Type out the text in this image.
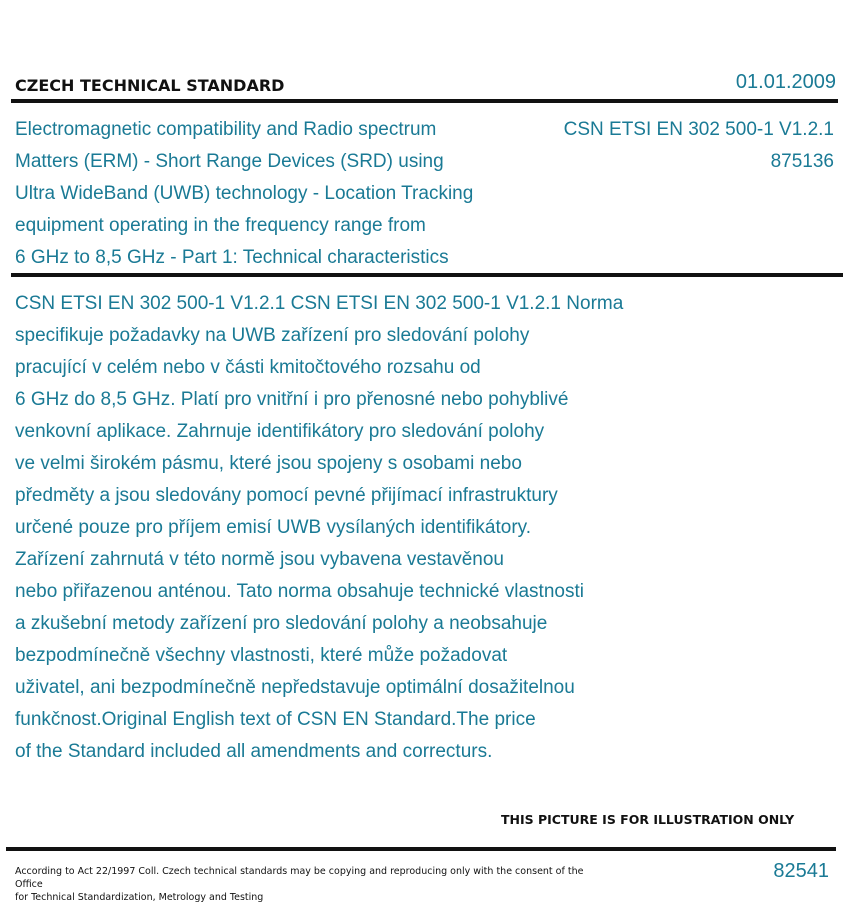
CZECH TECHNICAL STANDARD	01.01.2009
Electromagnetic compatibility and Radio spectrum
Matters (ERM) - Short Range Devices (SRD) using
Ultra WideBand (UWB) technology - Location Tracking
equipment operating in the frequency range from
6 GHz to 8,5 GHz - Part 1: Technical characteristics
CSN ETSI EN 302 500-1 V1.2.1
875136
CSN ETSI EN 302 500-1 V1.2.1 CSN ETSI EN 302 500-1 V1.2.1 Norma
specifikuje požadavky na UWB zařízení pro sledování polohy
pracující v celém nebo v části kmitočtového rozsahu od
6 GHz do 8,5 GHz. Platí pro vnitřní i pro přenosné nebo pohyblivé
venkovní aplikace. Zahrnuje identifikátory pro sledování polohy
ve velmi širokém pásmu, které jsou spojeny s osobami nebo
předměty a jsou sledovány pomocí pevné přijímací infrastruktury
určené pouze pro příjem emisí UWB vysílaných identifikátory.
Zařízení zahrnutá v této normě jsou vybavena vestavěnou
nebo přiřazenou anténou. Tato norma obsahuje technické vlastnosti
a zkušební metody zařízení pro sledování polohy a neobsahuje
bezpodmínečně všechny vlastnosti, které může požadovat
uživatel, ani bezpodmínečně nepředstavuje optimální dosažitelnou
funkčnost.Original English text of CSN EN Standard.The price
of the Standard included all amendments and correcturs.
THIS PICTURE IS FOR ILLUSTRATION ONLY
According to Act 22/1997 Coll. Czech technical standards may be copying and reproducing only with the consent of the Office
for Technical Standardization, Metrology and Testing
82541
